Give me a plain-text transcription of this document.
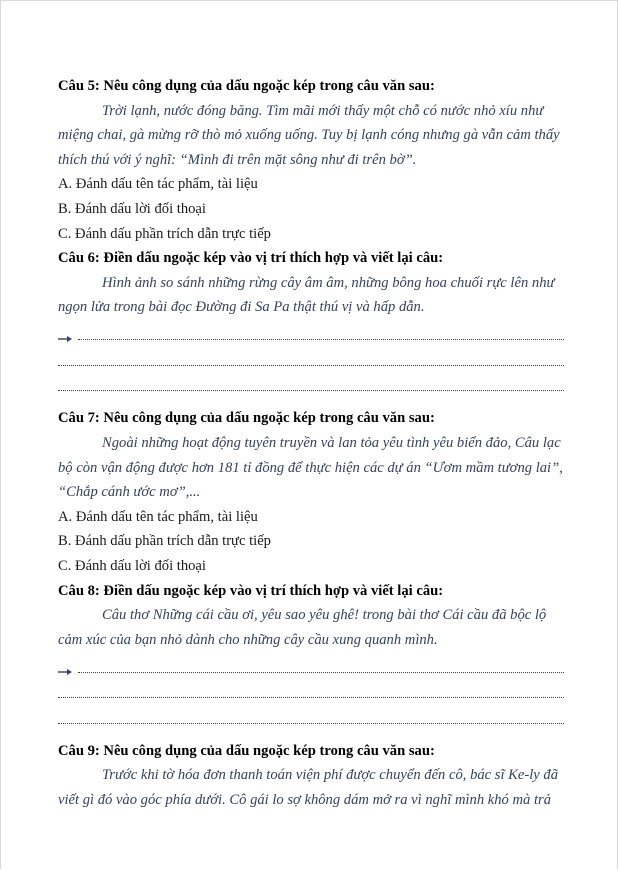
Câu 5: Nêu công dụng của dấu ngoặc kép trong câu văn sau:
Trời lạnh, nước đóng băng. Tìm mãi mới thấy một chỗ có nước nhỏ xíu như
miệng chai, gà mừng rỡ thò mỏ xuống uống. Tuy bị lạnh cóng nhưng gà vẫn cảm thấy
thích thú với ý nghĩ: “Mình đi trên mặt sông như đi trên bờ”.
A. Đánh dấu tên tác phẩm, tài liệu
B. Đánh dấu lời đối thoại
C. Đánh dấu phần trích dẫn trực tiếp
Câu 6: Điền dấu ngoặc kép vào vị trí thích hợp và viết lại câu:
Hình ảnh so sánh những rừng cây âm âm, những bông hoa chuối rực lên như
ngọn lửa trong bài đọc Đường đi Sa Pa thật thú vị và hấp dẫn.
Câu 7: Nêu công dụng của dấu ngoặc kép trong câu văn sau:
Ngoài những hoạt động tuyên truyền và lan tỏa yêu tình yêu biển đảo, Câu lạc
bộ còn vận động được hơn 181 tỉ đồng để thực hiện các dự án “Ươm mầm tương lai”,
“Chắp cánh ước mơ”,...
A. Đánh dấu tên tác phẩm, tài liệu
B. Đánh dấu phần trích dẫn trực tiếp
C. Đánh dấu lời đối thoại
Câu 8: Điền dấu ngoặc kép vào vị trí thích hợp và viết lại câu:
Câu thơ Những cái cầu ơi, yêu sao yêu ghê! trong bài thơ Cái cầu đã bộc lộ
cảm xúc của bạn nhỏ dành cho những cây cầu xung quanh mình.
Câu 9: Nêu công dụng của dấu ngoặc kép trong câu văn sau:
Trước khi tờ hóa đơn thanh toán viện phí được chuyển đến cô, bác sĩ Ke-ly đã
viết gì đó vào góc phía dưới. Cô gái lo sợ không dám mở ra vì nghĩ mình khó mà trả
